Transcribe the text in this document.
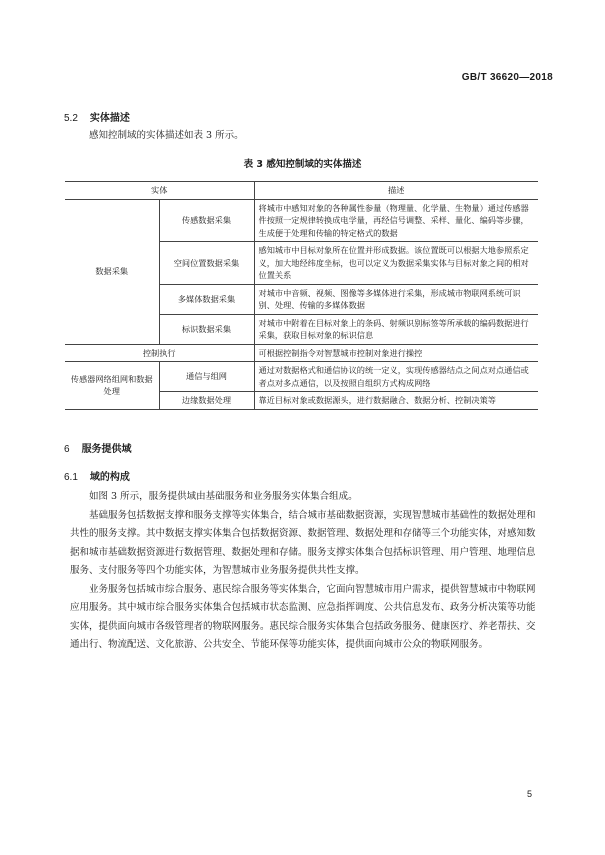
GB/T 36620—2018
5.2 实体描述
感知控制域的实体描述如表 3 所示。
表 3 感知控制域的实体描述
实体		描述
数据采集	传感数据采集	将城市中感知对象的各种属性参量（物理量、化学量、生物量）通过传感器件按照一定规律转换成电学量，再经信号调整、采样、量化、编码等步骤，生成便于处理和传输的特定格式的数据
	空间位置数据采集	感知城市中目标对象所在位置并形成数据。该位置既可以根据大地参照系定义，加大地经纬度坐标，也可以定义为数据采集实体与目标对象之间的相对位置关系
	多媒体数据采集	对城市中音频、视频、图像等多媒体进行采集，形成城市物联网系统可识别、处理、传输的多媒体数据
	标识数据采集	对城市中附着在目标对象上的条码、射频识别标签等所承载的编码数据进行采集，获取目标对象的标识信息
控制执行		可根据控制指令对智慧城市控制对象进行操控
传感器网络组网和数据处理	通信与组网	通过对数据格式和通信协议的统一定义，实现传感器结点之间点对点通信或者点对多点通信，以及按照自组织方式构成网络
	边缘数据处理	靠近目标对象或数据源头，进行数据融合、数据分析、控制决策等
6 服务提供域
6.1 域的构成

如图 3 所示，服务提供域由基础服务和业务服务实体集合组成。

基础服务包括数据支撑和服务支撑等实体集合，结合城市基础数据资源，实现智慧城市基础性的数据处理和共性的服务支撑。其中数据支撑实体集合包括数据资源、数据管理、数据处理和存储等三个功能实体，对感知数据和城市基础数据资源进行数据管理、数据处理和存储。服务支撑实体集合包括标识管理、用户管理、地理信息服务、支付服务等四个功能实体，为智慧城市业务服务提供共性支撑。

业务服务包括城市综合服务、惠民综合服务等实体集合，它面向智慧城市用户需求，提供智慧城市中物联网应用服务。其中城市综合服务实体集合包括城市状态监测、应急指挥调度、公共信息发布、政务分析决策等功能实体，提供面向城市各级管理者的物联网服务。惠民综合服务实体集合包括政务服务、健康医疗、养老帮扶、交通出行、物流配送、文化旅游、公共安全、节能环保等功能实体，提供面向城市公众的物联网服务。

5
